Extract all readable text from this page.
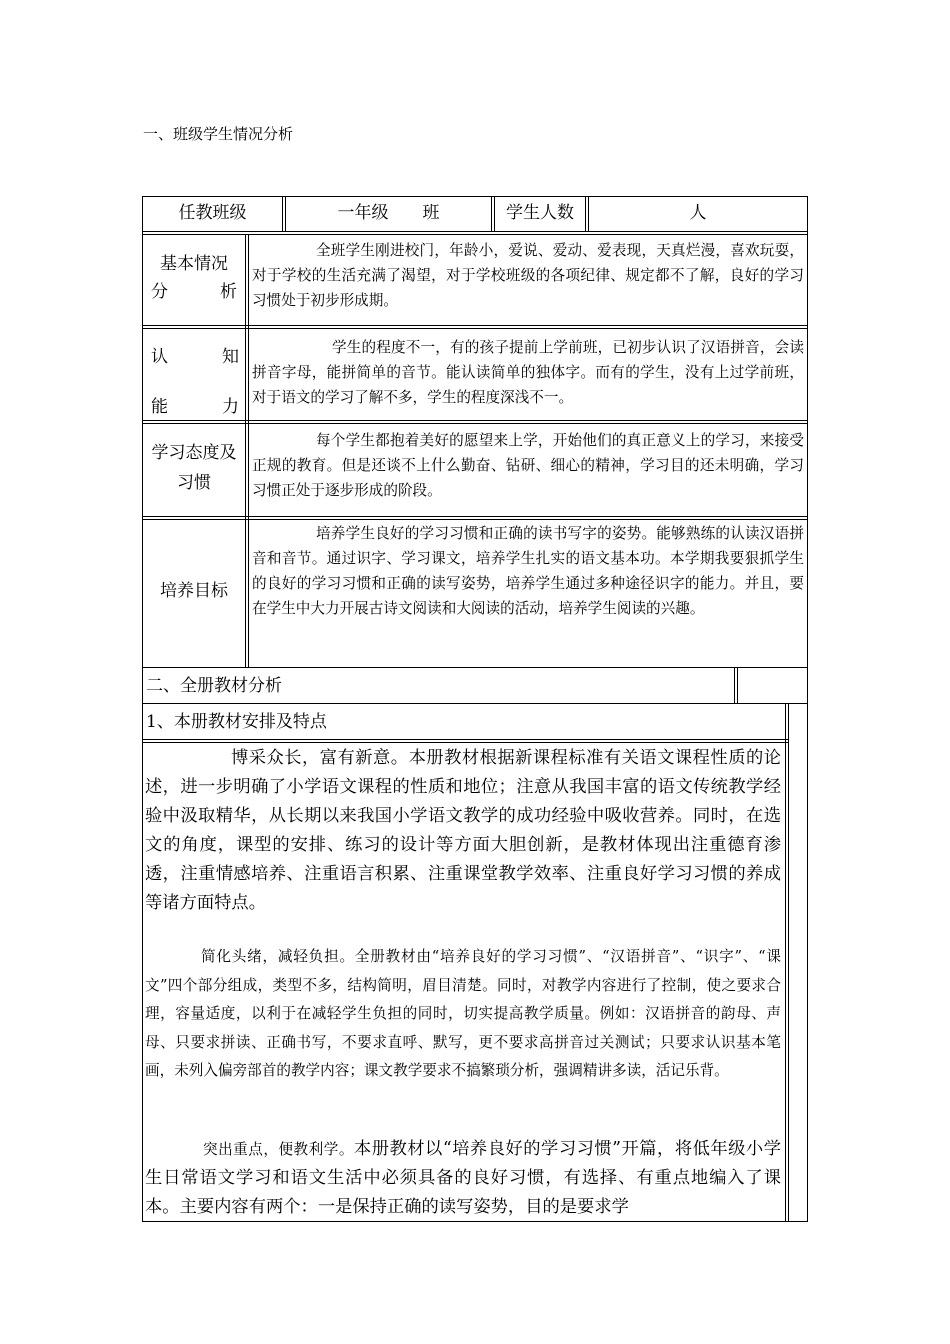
一、班级学生情况分析
任教班级	一年级　　班	学生人数	人
基本情况
分	析
全班学生刚进校门，年龄小，爱说、爱动、爱表现，天真烂漫，喜欢玩耍，对于学校的生活充满了渴望，对于学校班级的各项纪律、规定都不了解，良好的学习习惯处于初步形成期。
认	知
能	力
学生的程度不一，有的孩子提前上学前班，已初步认识了汉语拼音，会读拼音字母，能拼简单的音节。能认读简单的独体字。而有的学生，没有上过学前班，对于语文的学习了解不多，学生的程度深浅不一。
学习态度及
习惯
每个学生都抱着美好的愿望来上学，开始他们的真正意义上的学习，来接受正规的教育。但是还谈不上什么勤奋、钻研、细心的精神，学习目的还未明确，学习习惯正处于逐步形成的阶段。
培养目标
培养学生良好的学习习惯和正确的读书写字的姿势。能够熟练的认读汉语拼音和音节。通过识字、学习课文，培养学生扎实的语文基本功。本学期我要狠抓学生的良好的学习习惯和正确的读写姿势，培养学生通过多种途径识字的能力。并且，要在学生中大力开展古诗文阅读和大阅读的活动，培养学生阅读的兴趣。
二、全册教材分析
1、本册教材安排及特点
博采众长，富有新意。本册教材根据新课程标准有关语文课程性质的论述，进一步明确了小学语文课程的性质和地位；注意从我国丰富的语文传统教学经验中汲取精华，从长期以来我国小学语文教学的成功经验中吸收营养。同时，在选文的角度，课型的安排、练习的设计等方面大胆创新，是教材体现出注重德育渗透，注重情感培养、注重语言积累、注重课堂教学效率、注重良好学习习惯的养成等诸方面特点。
简化头绪，减轻负担。全册教材由“培养良好的学习习惯”、“汉语拼音”、“识字”、“课文”四个部分组成，类型不多，结构简明，眉目清楚。同时，对教学内容进行了控制，使之要求合理，容量适度，以利于在减轻学生负担的同时，切实提高教学质量。例如：汉语拼音的韵母、声母、只要求拼读、正确书写，不要求直呼、默写，更不要求高拼音过关测试；只要求认识基本笔画，未列入偏旁部首的教学内容；课文教学要求不搞繁琐分析，强调精讲多读，活记乐背。
突出重点，便教利学。本册教材以“培养良好的学习习惯”开篇，将低年级小学生日常语文学习和语文生活中必须具备的良好习惯，有选择、有重点地编入了课本。主要内容有两个：一是保持正确的读写姿势，目的是要求学
